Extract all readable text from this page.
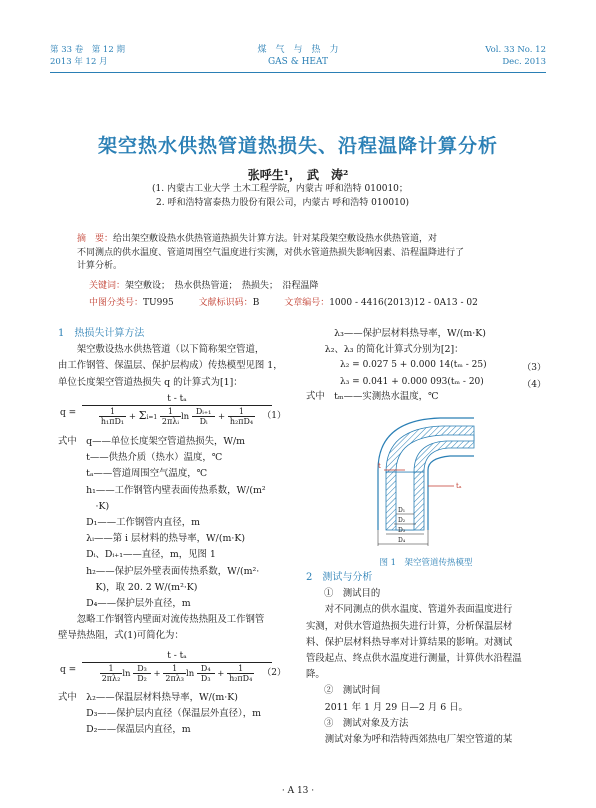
第 33 卷　第 12 期
2013 年 12 月
煤　气　与　热　力
GAS & HEAT
Vol. 33 No. 12
Dec. 2013
架空热水供热管道热损失、沿程温降计算分析
张呼生¹，　武　涛²
(1. 内蒙古工业大学 土木工程学院，内蒙古 呼和浩特 010010；
2. 呼和浩特富泰热力股份有限公司，内蒙古 呼和浩特 010010)
摘　要：给出架空敷设热水供热管道热损失计算方法。针对某段架空敷设热水供热管道，对
不同测点的供水温度、管道周围空气温度进行实测，对供水管道热损失影响因素、沿程温降进行了
计算分析。
关键词：架空敷设；　热水供热管道；　热损失；　沿程温降
中图分类号：TU995	文献标识码：B	文章编号：1000 - 4416(2013)12 - 0A13 - 02
1　热损失计算方法
　　架空敷设热水供热管道（以下简称架空管道，
由工作钢管、保温层、保护层构成）传热模型见图 1，
单位长度架空管道热损失 q 的计算式为[1]：
q =
t - tₐ
$\frac{1}{\text{h₁πD₁}} + \Sigma i=1 \frac{1}{\text{2πλᵢ}}$ $\ln \frac{\text{Dᵢ₊₁}}{\text{Dᵢ}} + \frac{1}{\text{h₂πD₄}} (1)$
式中　q——单位长度架空管道热损失，W/m
　　　t——供热介质（热水）温度，℃
　　　tₐ——管道周围空气温度，℃
　　　h₁——工作钢管内壁表面传热系数，W/(m²
　　　　·K)
　　　D₁——工作钢管内直径，m
　　　λᵢ——第 i 层材料的热导率，W/(m·K)
　　　Dᵢ、Dᵢ₊₁——直径，m，见图 1
　　　h₂——保护层外壁表面传热系数，W/(m²·
　　　　K)，取 20. 2 W/(m²·K)
　　　D₄——保护层外直径，m
　　忽略工作钢管内壁面对流传热热阻及工作钢管
壁导热热阻，式(1)可简化为：
$q = \frac{\text{t - tₐ}}{\frac{1}{\text{2πλ₂}} \ln \frac{\text{D₃}}{\text{D₂}} + \frac{1}{\text{2πλ₃}} \ln \frac{\text{D₄}}{\text{D₃}} + \frac{1}{\text{h₂πD₄}}}$
（2）
式中　λ₂——保温层材料热导率，W/(m·K)
　　　D₃——保护层内直径（保温层外直径），m
　　　D₂——保温层内直径，m
　　　λ₃——保护层材料热导率，W/(m·K)
　　λ₂、λ₃ 的简化计算式分别为[2]：
λ₂ = 0.027 5 + 0.000 14(tₘ - 25)	（3）
λ₃ = 0.041 + 0.000 093(tₘ - 20)	（4）
式中　tₘ——实测热水温度，℃
t
tₐ
D₁
D₂
D₃
D₄
图 1　架空管道传热模型
2　测试与分析
①　测试目的
　　对不同测点的供水温度、管道外表面温度进行
实测，对供水管道热损失进行计算，分析保温层材
料、保护层材料热导率对计算结果的影响。对测试
管段起点、终点供水温度进行测量，计算供水沿程温
降。
②　测试时间
　　2011 年 1 月 29 日—2 月 6 日。
③　测试对象及方法
　　测试对象为呼和浩特西郊热电厂架空管道的某
· A 13 ·
